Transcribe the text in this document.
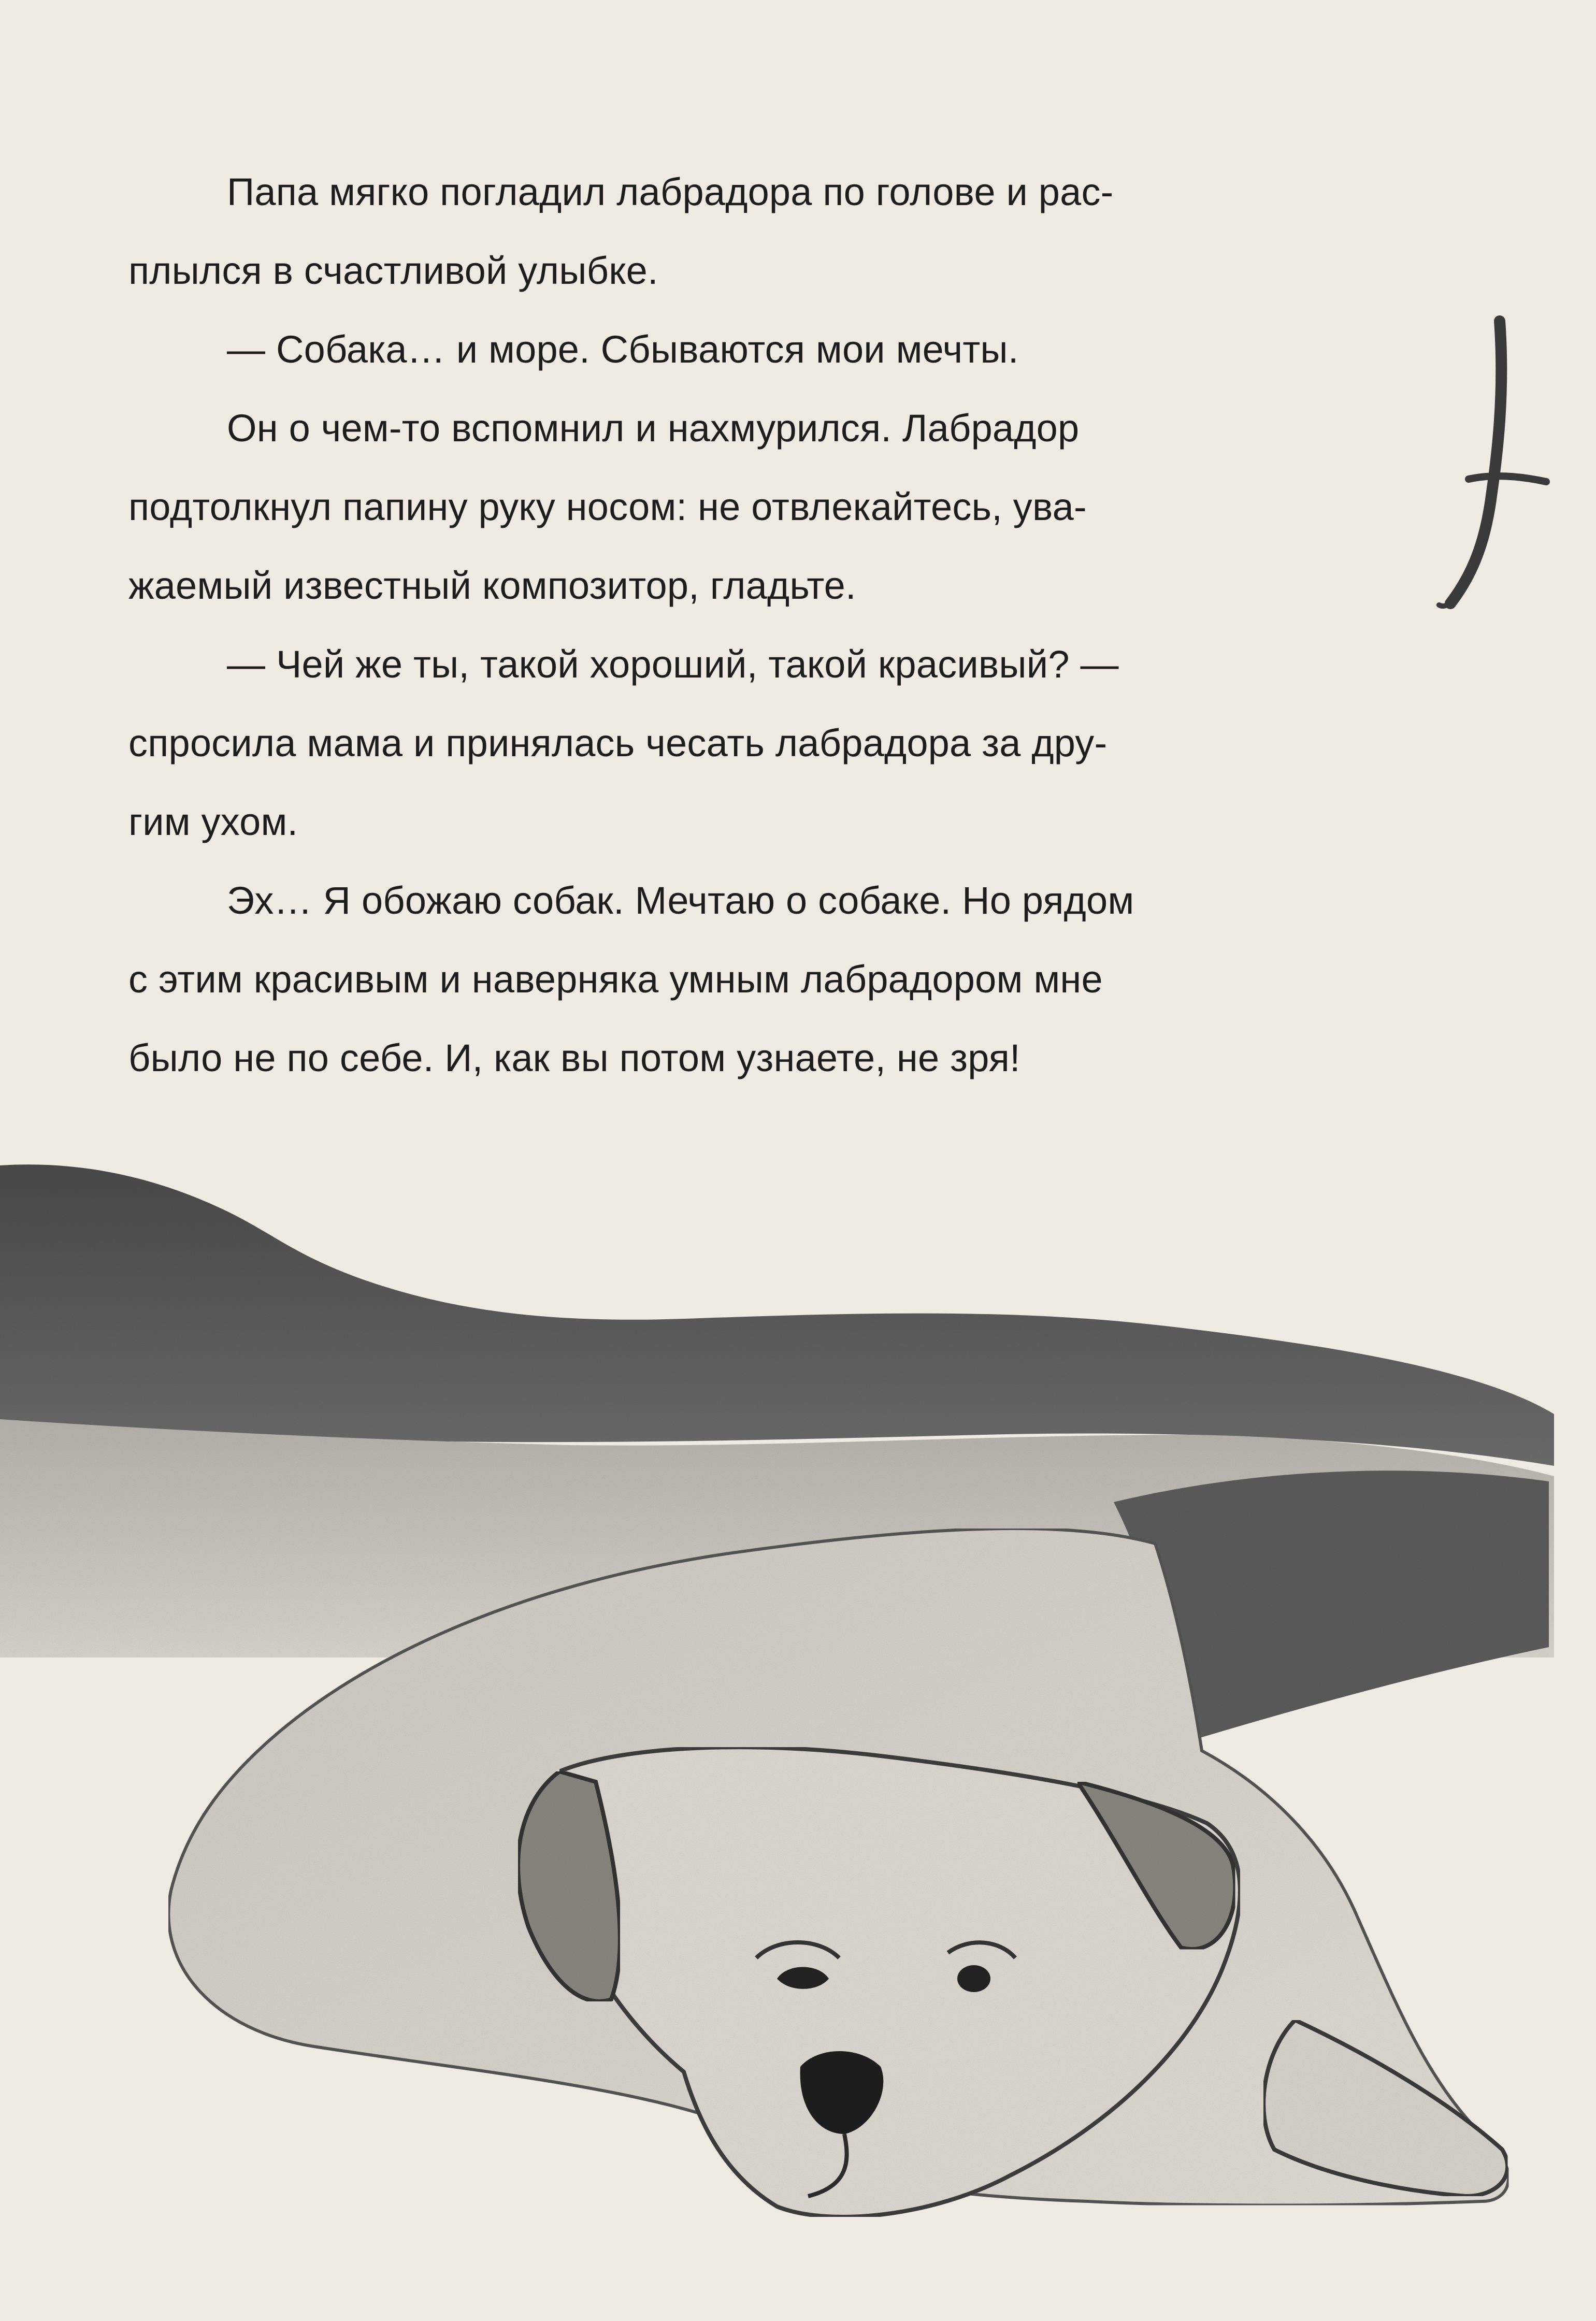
Папа мягко погладил лабрадора по голове и рас-
плылся в счастливой улыбке.

— Собака… и море. Сбываются мои мечты.

Он о чем-то вспомнил и нахмурился. Лабрадор
подтолкнул папину руку носом: не отвлекайтесь, ува-
жаемый известный композитор, гладьте.

— Чей же ты, такой хороший, такой красивый? —
спросила мама и принялась чесать лабрадора за дру-
гим ухом.

Эх… Я обожаю собак. Мечтаю о собаке. Но рядом
с этим красивым и наверняка умным лабрадором мне
было не по себе. И, как вы потом узнаете, не зря!
